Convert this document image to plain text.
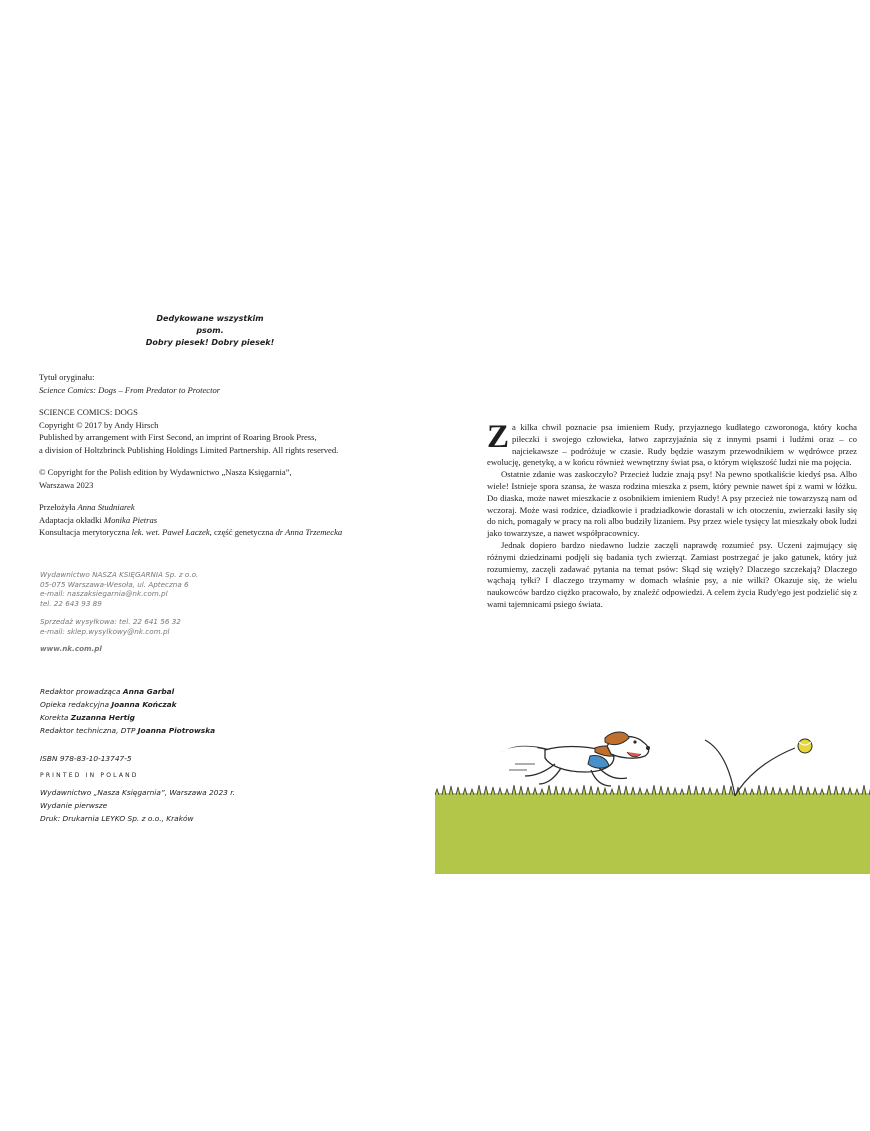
Dedykowane wszystkim psom.
Dobry piesek! Dobry piesek!

Tytuł oryginału:

Science Comics: Dogs – From Predator to Protector

SCIENCE COMICS: DOGS

Copyright © 2017 by Andy Hirsch

Published by arrangement with First Second, an imprint of Roaring Brook Press,

a division of Holtzbrinck Publishing Holdings Limited Partnership. All rights reserved.

© Copyright for the Polish edition by Wydawnictwo „Nasza Księgarnia”,

Warszawa 2023

Przełożyła Anna Studniarek

Adaptacja okładki Monika Pietras

Konsultacja merytoryczna lek. wet. Paweł Łaczek, część genetyczna dr Anna Trzemecka

Wydawnictwo NASZA KSIĘGARNIA Sp. z o.o.

05-075 Warszawa-Wesoła, ul. Apteczna 6

e-mail: naszaksiegarnia@nk.com.pl

tel. 22 643 93 89

Sprzedaż wysyłkowa: tel. 22 641 56 32

e-mail: sklep.wysylkowy@nk.com.pl

www.nk.com.pl

Redaktor prowadząca Anna Garbal

Opieka redakcyjna Joanna Kończak

Korekta Zuzanna Hertig

Redaktor techniczna, DTP Joanna Piotrowska

ISBN 978-83-10-13747-5

PRINTED IN POLAND

Wydawnictwo „Nasza Księgarnia”, Warszawa 2023 r.

Wydanie pierwsze

Druk: Drukarnia LEYKO Sp. z o.o., Kraków

Za kilka chwil poznacie psa imieniem Rudy, przyjaznego kudłatego czworonoga, który kocha piłeczki i swojego człowieka, łatwo zaprzyjaźnia się z innymi psami i ludźmi oraz – co najciekawsze – podróżuje w czasie. Rudy będzie waszym przewodnikiem w wędrówce przez ewolucję, genetykę, a w końcu również wewnętrzny świat psa, o którym większość ludzi nie ma pojęcia.

Ostatnie zdanie was zaskoczyło? Przecież ludzie znają psy! Na pewno spotkaliście kiedyś psa. Albo wiele! Istnieje spora szansa, że wasza rodzina mieszka z psem, który pewnie nawet śpi z wami w łóżku. Do diaska, może nawet mieszkacie z osobnikiem imieniem Rudy! A psy przecież nie towarzyszą nam od wczoraj. Może wasi rodzice, dziadkowie i pradziadkowie dorastali w ich otoczeniu, zwierzaki łasiły się do nich, pomagały w pracy na roli albo budziły lizaniem. Psy przez wiele tysięcy lat mieszkały obok ludzi jako towarzysze, a nawet współpracownicy.

Jednak dopiero bardzo niedawno ludzie zaczęli naprawdę rozumieć psy. Uczeni zajmujący się różnymi dziedzinami podjęli się badania tych zwierząt. Zamiast postrzegać je jako gatunek, który już rozumiemy, zaczęli zadawać pytania na temat psów: Skąd się wzięły? Dlaczego szczekają? Dlaczego wąchają tyłki? I dlaczego trzymamy w domach właśnie psy, a nie wilki? Okazuje się, że wielu naukowców bardzo ciężko pracowało, by znaleźć odpowiedzi. A celem życia Rudy'ego jest podzielić się z wami tajemnicami psiego świata.
